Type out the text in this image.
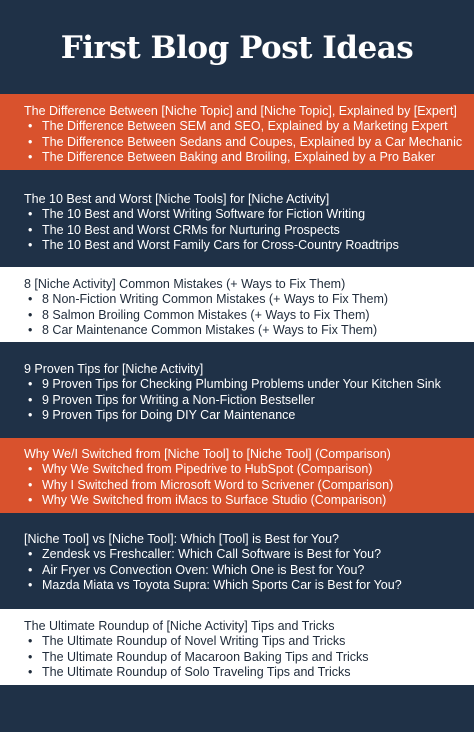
First Blog Post Ideas
The Difference Between [Niche Topic] and [Niche Topic], Explained by [Expert]
• The Difference Between SEM and SEO, Explained by a Marketing Expert
• The Difference Between Sedans and Coupes, Explained by a Car Mechanic
• The Difference Between Baking and Broiling, Explained by a Pro Baker
The 10 Best and Worst [Niche Tools] for [Niche Activity]
• The 10 Best and Worst Writing Software for Fiction Writing
• The 10 Best and Worst CRMs for Nurturing Prospects
• The 10 Best and Worst Family Cars for Cross-Country Roadtrips
8 [Niche Activity] Common Mistakes (+ Ways to Fix Them)
• 8 Non-Fiction Writing Common Mistakes (+ Ways to Fix Them)
• 8 Salmon Broiling Common Mistakes (+ Ways to Fix Them)
• 8 Car Maintenance Common Mistakes (+ Ways to Fix Them)
9 Proven Tips for [Niche Activity]
• 9 Proven Tips for Checking Plumbing Problems under Your Kitchen Sink
• 9 Proven Tips for Writing a Non-Fiction Bestseller
• 9 Proven Tips for Doing DIY Car Maintenance
Why We/I Switched from [Niche Tool] to [Niche Tool] (Comparison)
• Why We Switched from Pipedrive to HubSpot (Comparison)
• Why I Switched from Microsoft Word to Scrivener (Comparison)
• Why We Switched from iMacs to Surface Studio (Comparison)
[Niche Tool] vs [Niche Tool]: Which [Tool] is Best for You?
• Zendesk vs Freshcaller: Which Call Software is Best for You?
• Air Fryer vs Convection Oven: Which One is Best for You?
• Mazda Miata vs Toyota Supra: Which Sports Car is Best for You?
The Ultimate Roundup of [Niche Activity] Tips and Tricks
• The Ultimate Roundup of Novel Writing Tips and Tricks
• The Ultimate Roundup of Macaroon Baking Tips and Tricks
• The Ultimate Roundup of Solo Traveling Tips and Tricks
